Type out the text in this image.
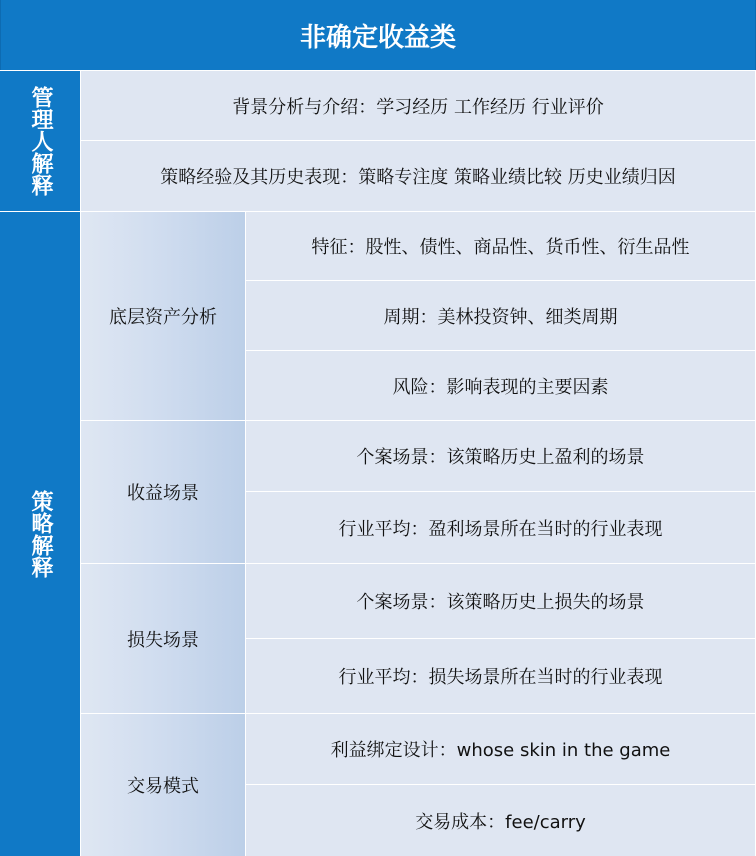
非确定收益类
管理人解释	背景分析与介绍：学习经历 工作经历 行业评价
策略经验及其历史表现：策略专注度 策略业绩比较 历史业绩归因
策略解释
底层资产分析
特征：股性、债性、商品性、货币性、衍生品性
周期：美林投资钟、细类周期
风险：影响表现的主要因素
收益场景
个案场景：该策略历史上盈利的场景
行业平均：盈利场景所在当时的行业表现
损失场景
个案场景：该策略历史上损失的场景
行业平均：损失场景所在当时的行业表现
交易模式
利益绑定设计：whose skin in the game
交易成本：fee/carry
